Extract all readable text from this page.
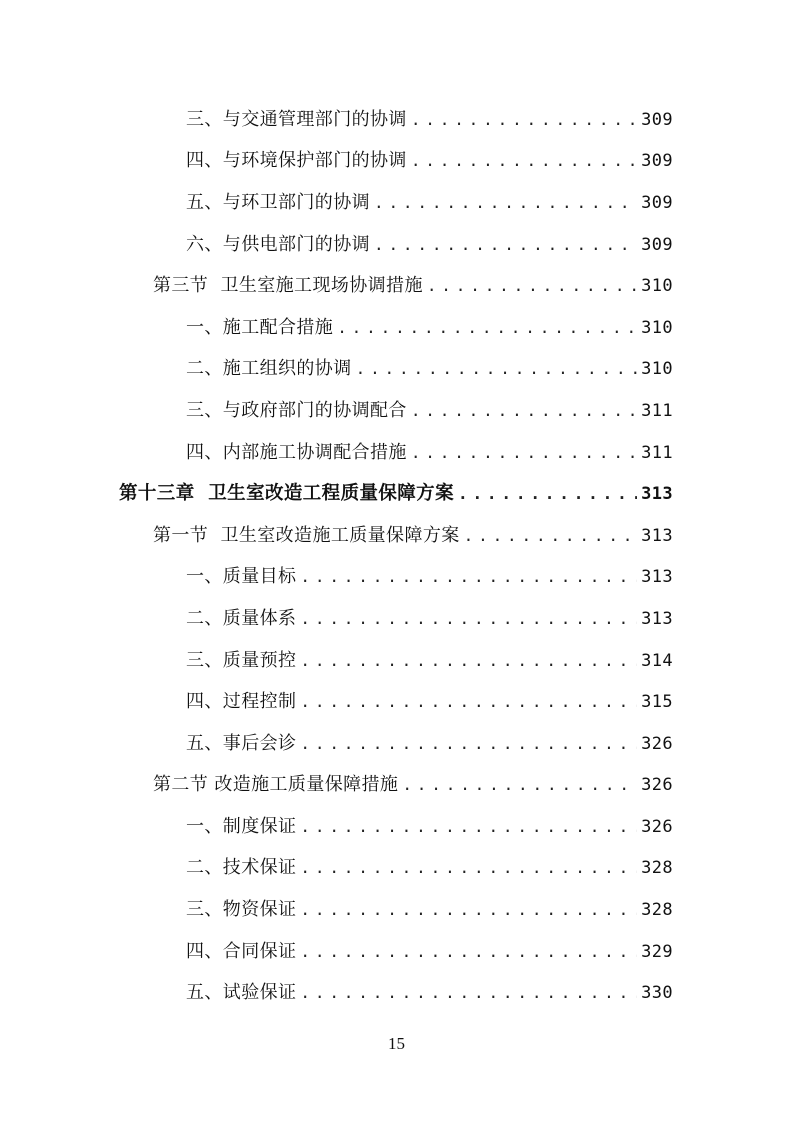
三、与交通管理部门的协调 . . .	309
四、与环境保护部门的协调 . . .	309
五、与环卫部门的协调 . . .	309
六、与供电部门的协调 . . .	309
第三节  卫生室施工现场协调措施 . . .	310
一、施工配合措施 . . .	310
二、施工组织的协调 . . .	310
三、与政府部门的协调配合 . . .	311
四、内部施工协调配合措施 . . .	311
第十三章  卫生室改造工程质量保障方案 . . .	313
第一节  卫生室改造施工质量保障方案 . . .	313
一、质量目标 . . .	313
二、质量体系 . . .	313
三、质量预控 . . .	314
四、过程控制 . . .	315
五、事后会诊 . . .	326
第二节 改造施工质量保障措施 . . .	326
一、制度保证 . . .	326
二、技术保证 . . .	328
三、物资保证 . . .	328
四、合同保证 . . .	329
五、试验保证 . . .	330
15
